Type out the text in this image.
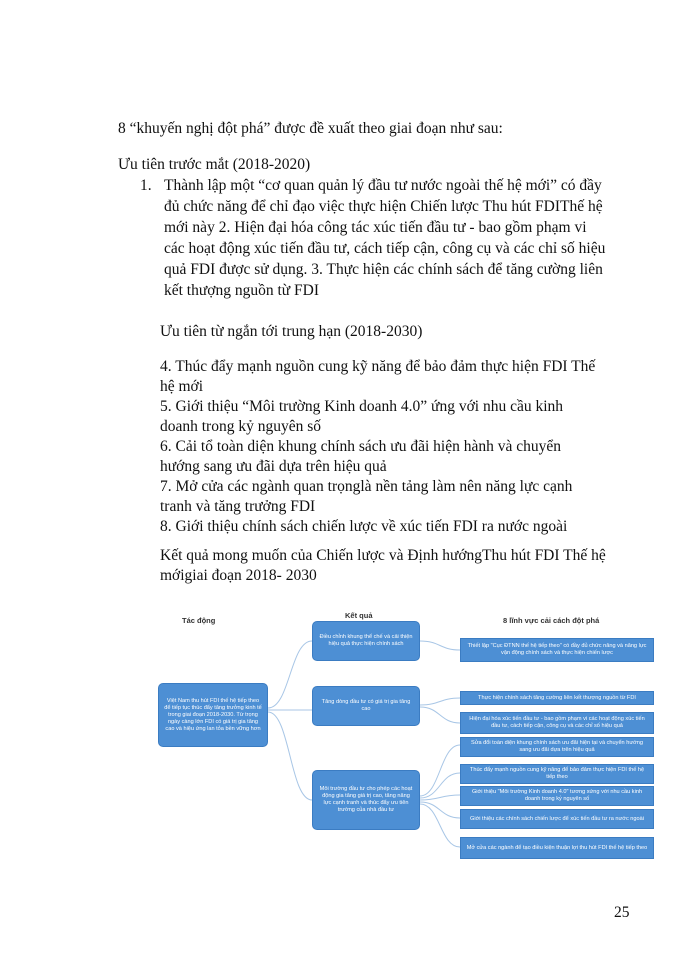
8 “khuyến nghị đột phá” được đề xuất theo giai đoạn như sau:
Ưu tiên trước mắt (2018-2020)
1. Thành lập một “cơ quan quản lý đầu tư nước ngoài thế hệ mới” có đầy
đủ chức năng để chỉ đạo việc thực hiện Chiến lược Thu hút FDIThế hệ
mới này 2. Hiện đại hóa công tác xúc tiến đầu tư - bao gồm phạm vi
các hoạt động xúc tiến đầu tư, cách tiếp cận, công cụ và các chỉ số hiệu
quả FDI được sử dụng. 3. Thực hiện các chính sách để tăng cường liên
kết thượng nguồn từ FDI
Ưu tiên từ ngắn tới trung hạn (2018-2030)
4. Thúc đẩy mạnh nguồn cung kỹ năng để bảo đảm thực hiện FDI Thế
hệ mới
5. Giới thiệu “Môi trường Kinh doanh 4.0” ứng với nhu cầu kinh
doanh trong kỷ nguyên số
6. Cải tổ toàn diện khung chính sách ưu đãi hiện hành và chuyển
hướng sang ưu đãi dựa trên hiệu quả
7. Mở cửa các ngành quan trọnglà nền tảng làm nên năng lực cạnh
tranh và tăng trưởng FDI
8. Giới thiệu chính sách chiến lược về xúc tiến FDI ra nước ngoài
Kết quả mong muốn của Chiến lược và Định hướngThu hút FDI Thế hệ
mớigiai đoạn 2018- 2030
Tác động
Kết quả
8 lĩnh vực cải cách đột phá
Việt Nam thu hút FDI thế hệ tiếp theo để tiếp tục thúc đẩy tăng trưởng kinh tế trong giai đoạn 2018-2030. Từ trọng ngày càng lớn FDI có giá trị gia tăng cao và hiệu ứng lan tỏa bền vững hơn
Điều chỉnh khung thể chế và cải thiện hiệu quả thực hiện chính sách
Tăng dòng đầu tư có giá trị gia tăng cao
Môi trường đầu tư cho phép các hoạt động gia tăng giá trị cao, tăng năng lực cạnh tranh và thúc đẩy ưu tiên trường của nhà đầu tư
Thiết lập "Cục ĐTNN thế hệ tiếp theo" có đầy đủ chức năng và năng lực vận động chính sách và thực hiện chiến lược
Thực hiện chính sách tăng cường liên kết thượng nguồn từ FDI
Hiện đại hóa xúc tiến đầu tư - bao gồm phạm vi các hoạt động xúc tiến đầu tư, cách tiếp cận, công cụ và các chỉ số hiệu quả
Sửa đổi toàn diện khung chính sách ưu đãi hiện tại và chuyển hướng sang ưu đãi dựa trên hiệu quả
Thúc đẩy mạnh nguồn cung kỹ năng để bảo đảm thực hiện FDI thế hệ tiếp theo
Giới thiệu "Môi trường Kinh doanh 4.0" tương xứng với nhu cầu kinh doanh trong kỷ nguyên số
Giới thiệu các chính sách chiến lược để xúc tiến đầu tư ra nước ngoài
Mở cửa các ngành để tạo điều kiện thuận lợi thu hút FDI thế hệ tiếp theo
25
